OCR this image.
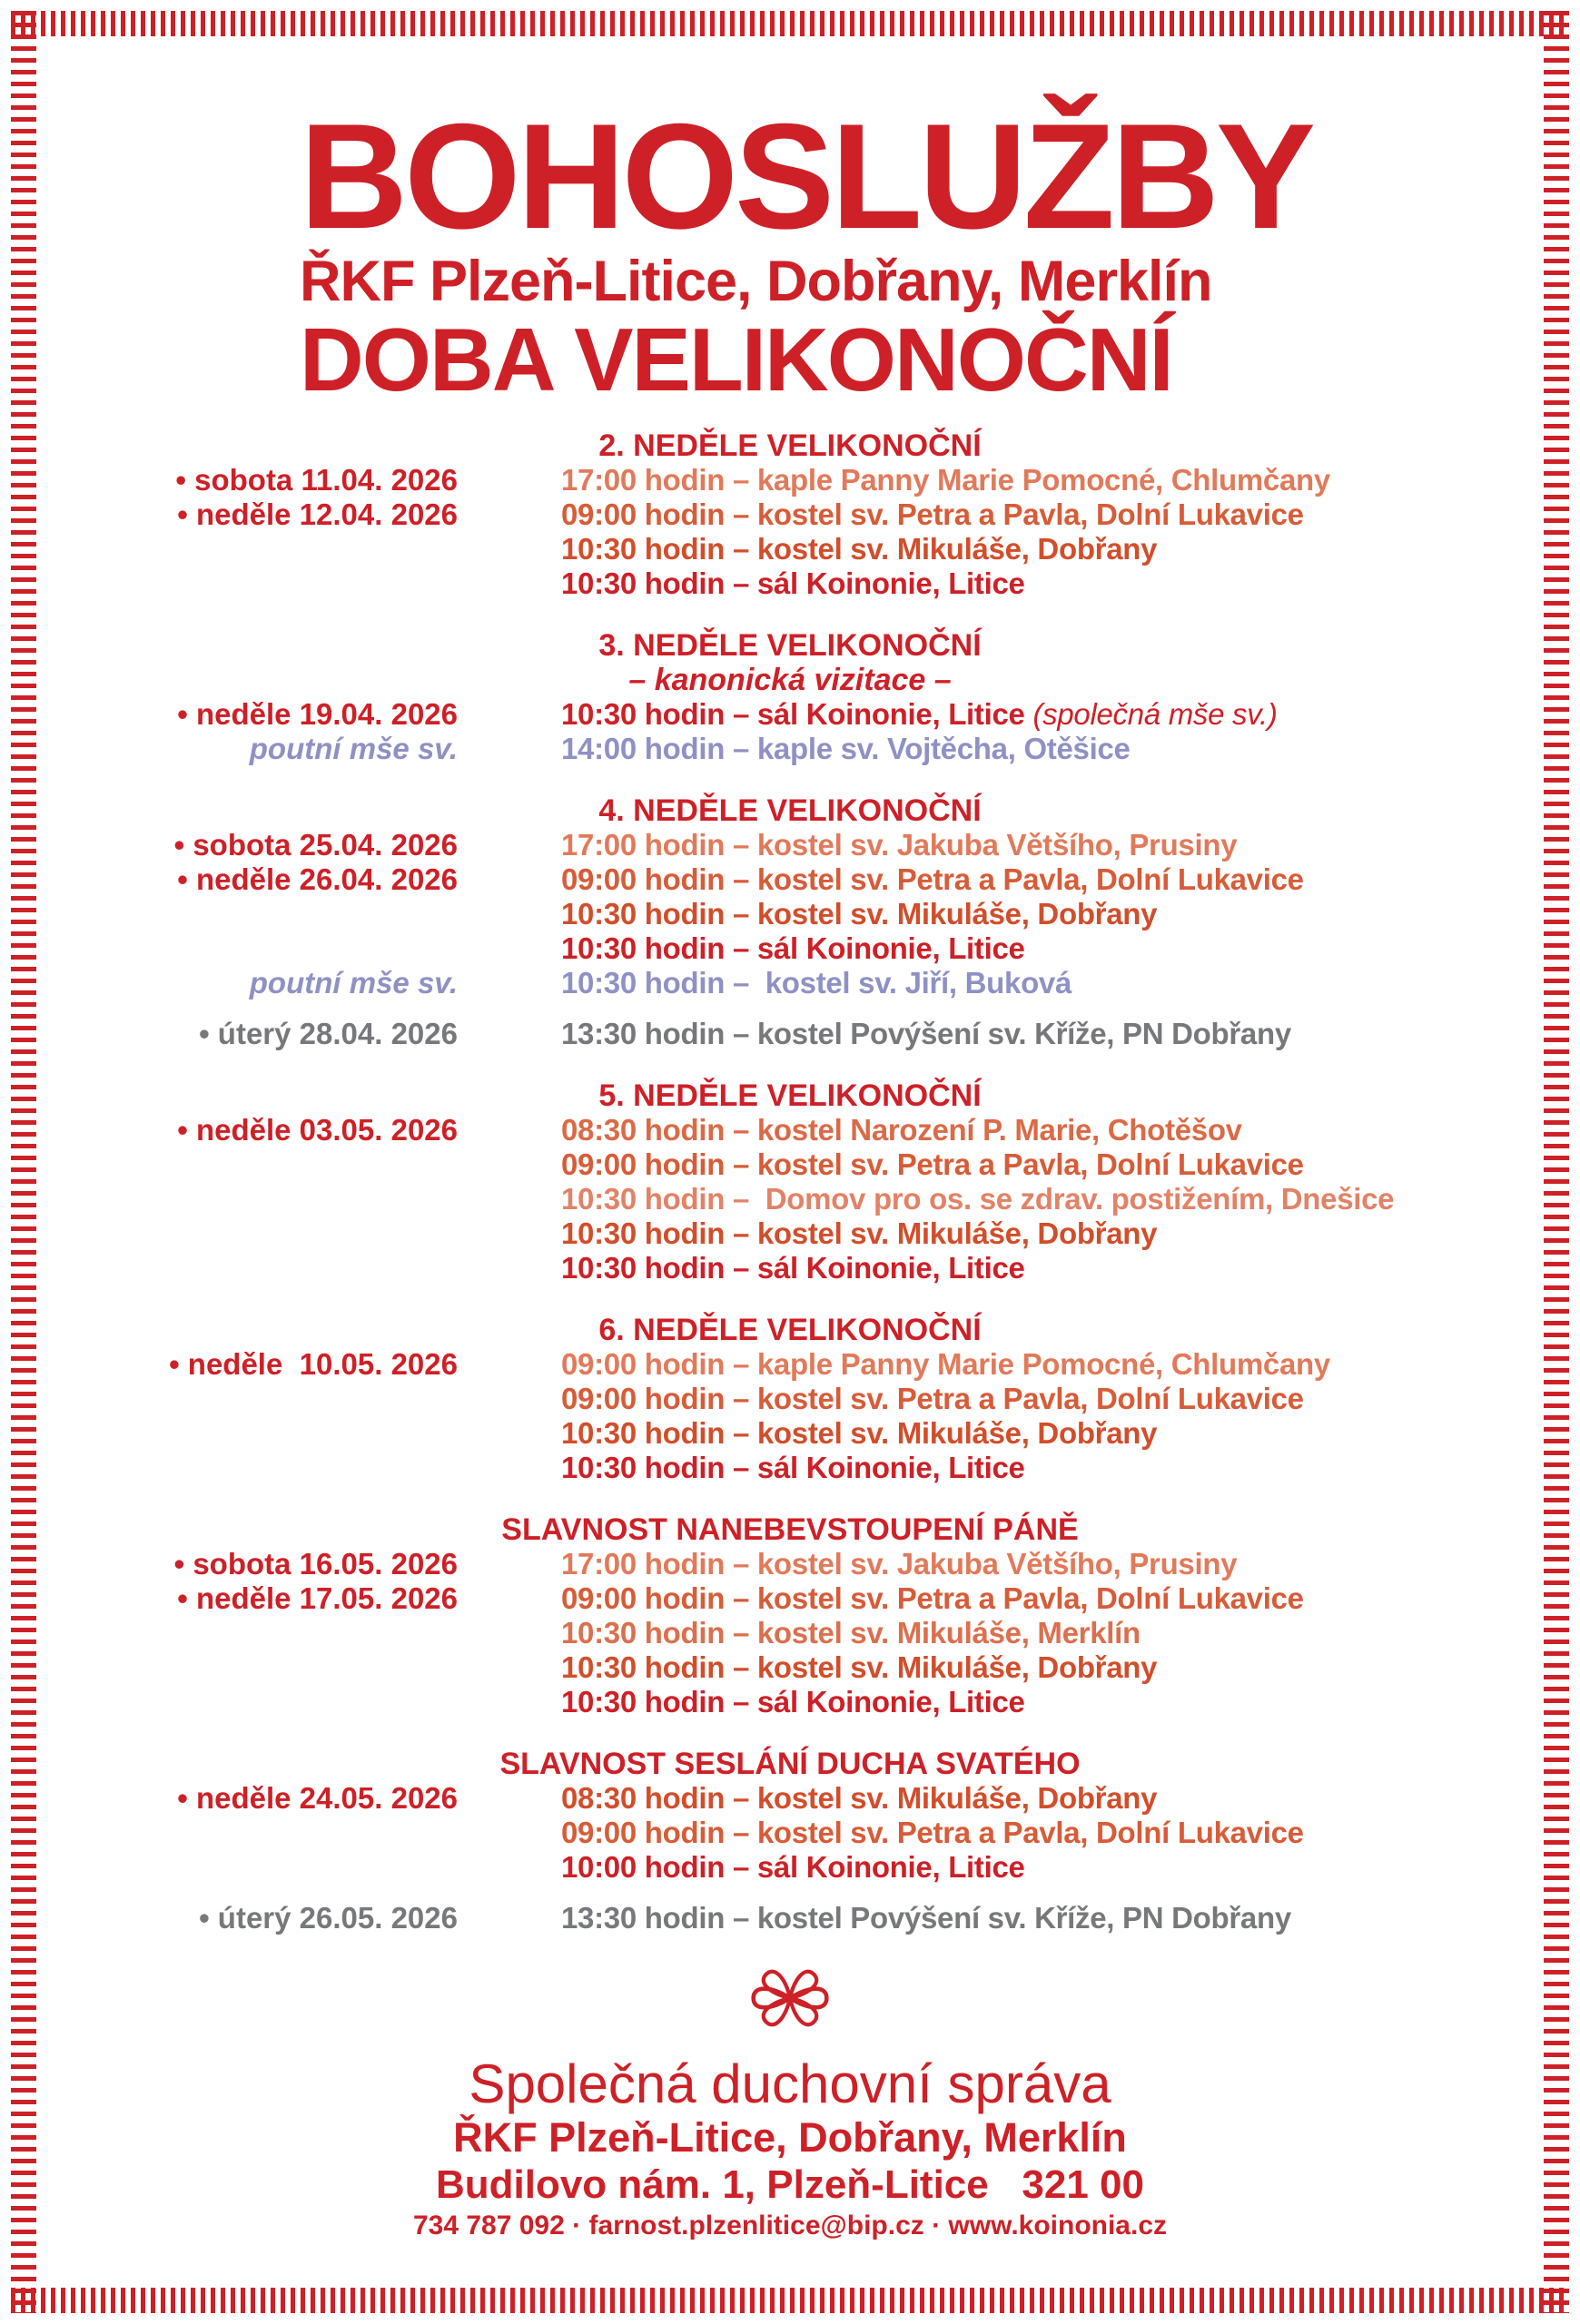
BOHOSLUŽBY
ŘKF Plzeň-Litice, Dobřany, Merklín
DOBA VELIKONOČNÍ
2. NEDĚLE VELIKONOČNÍ
• sobota 11.04. 2026	17:00 hodin – kaple Panny Marie Pomocné, Chlumčany
• neděle 12.04. 2026	09:00 hodin – kostel sv. Petra a Pavla, Dolní Lukavice
10:30 hodin – kostel sv. Mikuláše, Dobřany
10:30 hodin – sál Koinonie, Litice
3. NEDĚLE VELIKONOČNÍ
– kanonická vizitace –
• neděle 19.04. 2026	10:30 hodin – sál Koinonie, Litice (společná mše sv.)
poutní mše sv.	14:00 hodin – kaple sv. Vojtěcha, Otěšice
4. NEDĚLE VELIKONOČNÍ
• sobota 25.04. 2026	17:00 hodin – kostel sv. Jakuba Většího, Prusiny
• neděle 26.04. 2026	09:00 hodin – kostel sv. Petra a Pavla, Dolní Lukavice
10:30 hodin – kostel sv. Mikuláše, Dobřany
10:30 hodin – sál Koinonie, Litice
poutní mše sv.	10:30 hodin –  kostel sv. Jiří, Buková
• úterý 28.04. 2026	13:30 hodin – kostel Povýšení sv. Kříže, PN Dobřany
5. NEDĚLE VELIKONOČNÍ
• neděle 03.05. 2026	08:30 hodin – kostel Narození P. Marie, Chotěšov
09:00 hodin – kostel sv. Petra a Pavla, Dolní Lukavice
10:30 hodin –  Domov pro os. se zdrav. postižením, Dnešice
10:30 hodin – kostel sv. Mikuláše, Dobřany
10:30 hodin – sál Koinonie, Litice
6. NEDĚLE VELIKONOČNÍ
• neděle  10.05. 2026	09:00 hodin – kaple Panny Marie Pomocné, Chlumčany
09:00 hodin – kostel sv. Petra a Pavla, Dolní Lukavice
10:30 hodin – kostel sv. Mikuláše, Dobřany
10:30 hodin – sál Koinonie, Litice
SLAVNOST NANEBEVSTOUPENÍ PÁNĚ
• sobota 16.05. 2026	17:00 hodin – kostel sv. Jakuba Většího, Prusiny
• neděle 17.05. 2026	09:00 hodin – kostel sv. Petra a Pavla, Dolní Lukavice
10:30 hodin – kostel sv. Mikuláše, Merklín
10:30 hodin – kostel sv. Mikuláše, Dobřany
10:30 hodin – sál Koinonie, Litice
SLAVNOST SESLÁNÍ DUCHA SVATÉHO
• neděle 24.05. 2026	08:30 hodin – kostel sv. Mikuláše, Dobřany
09:00 hodin – kostel sv. Petra a Pavla, Dolní Lukavice
10:00 hodin – sál Koinonie, Litice
• úterý 26.05. 2026	13:30 hodin – kostel Povýšení sv. Kříže, PN Dobřany
Společná duchovní správa
ŘKF Plzeň-Litice, Dobřany, Merklín
Budilovo nám. 1, Plzeň-Litice   321 00
734 787 092 · farnost.plzenlitice@bip.cz · www.koinonia.cz
